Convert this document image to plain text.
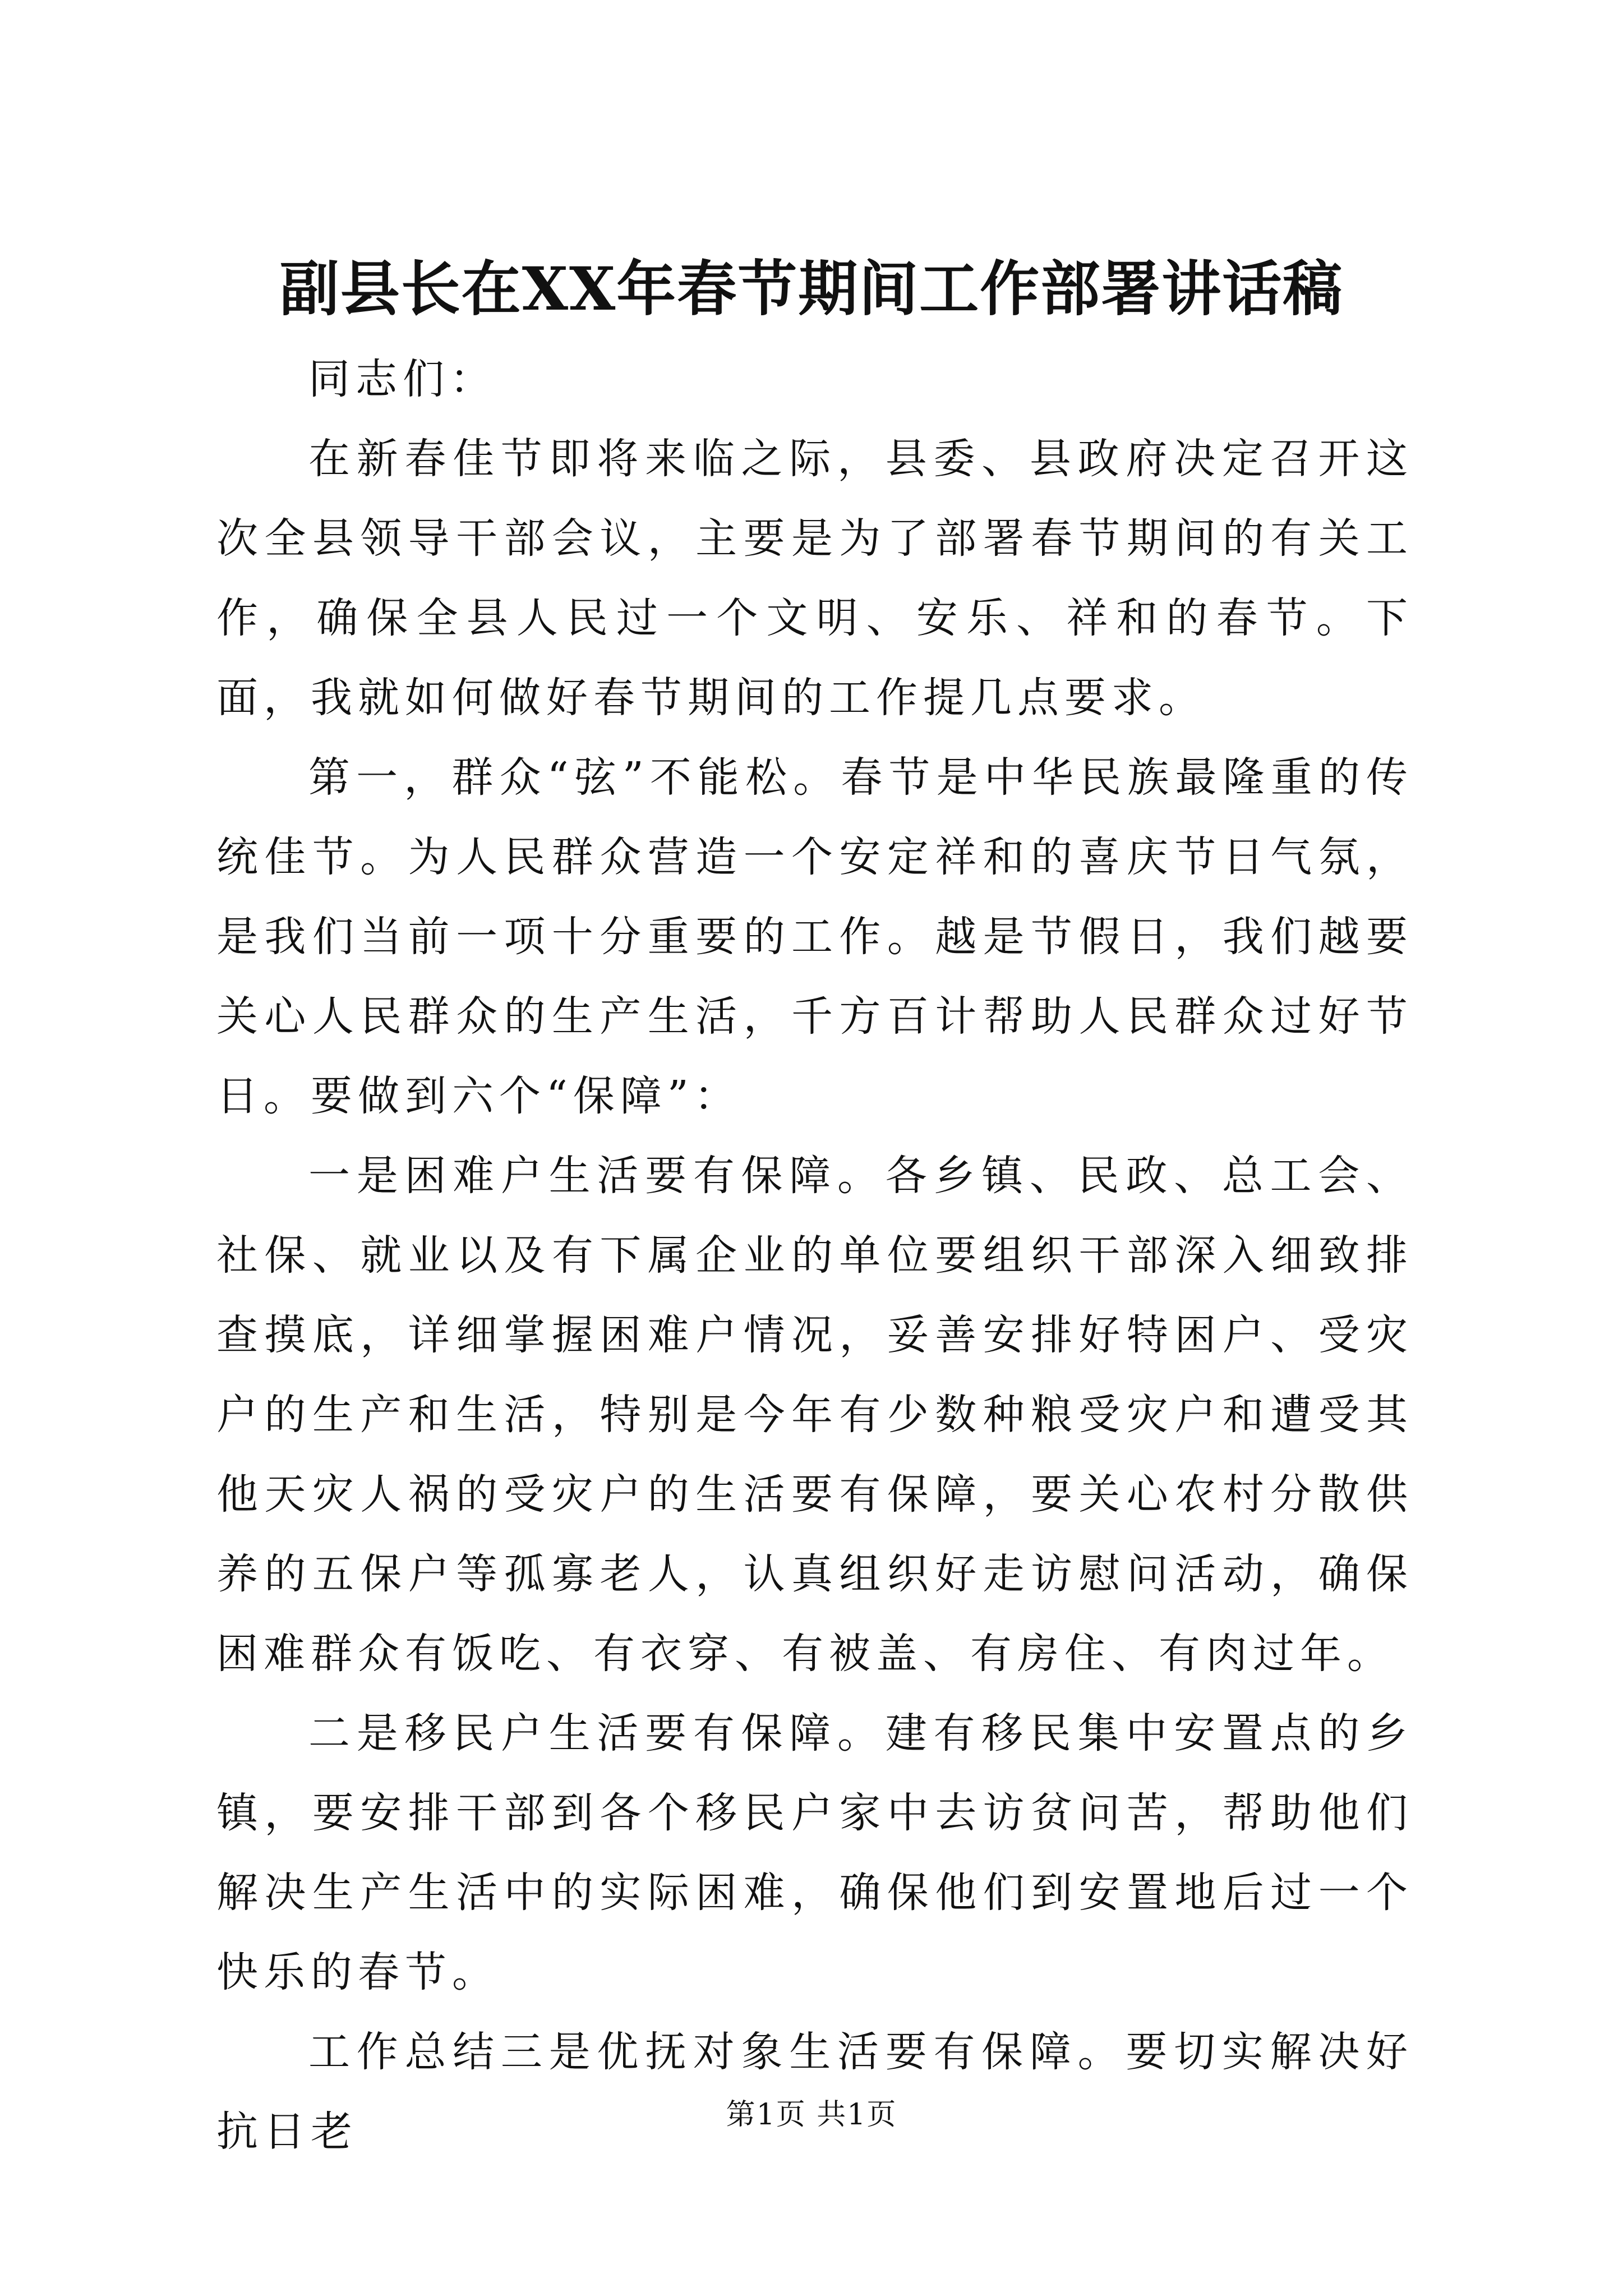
副县长在XX年春节期间工作部署讲话稿

同志们：

在新春佳节即将来临之际，县委、县政府决定召开这次全县领导干部会议，主要是为了部署春节期间的有关工作，确保全县人民过一个文明、安乐、祥和的春节。下面，我就如何做好春节期间的工作提几点要求。

第一，群众“弦”不能松。春节是中华民族最隆重的传统佳节。为人民群众营造一个安定祥和的喜庆节日气氛，是我们当前一项十分重要的工作。越是节假日，我们越要关心人民群众的生产生活，千方百计帮助人民群众过好节日。要做到六个“保障”：

一是困难户生活要有保障。各乡镇、民政、总工会、社保、就业以及有下属企业的单位要组织干部深入细致排查摸底，详细掌握困难户情况，妥善安排好特困户、受灾户的生产和生活，特别是今年有少数种粮受灾户和遭受其他天灾人祸的受灾户的生活要有保障，要关心农村分散供养的五保户等孤寡老人，认真组织好走访慰问活动，确保困难群众有饭吃、有衣穿、有被盖、有房住、有肉过年。

二是移民户生活要有保障。建有移民集中安置点的乡镇，要安排干部到各个移民户家中去访贫问苦，帮助他们解决生产生活中的实际困难，确保他们到安置地后过一个快乐的春节。

工作总结三是优抚对象生活要有保障。要切实解决好抗日老	第1页 共1页
